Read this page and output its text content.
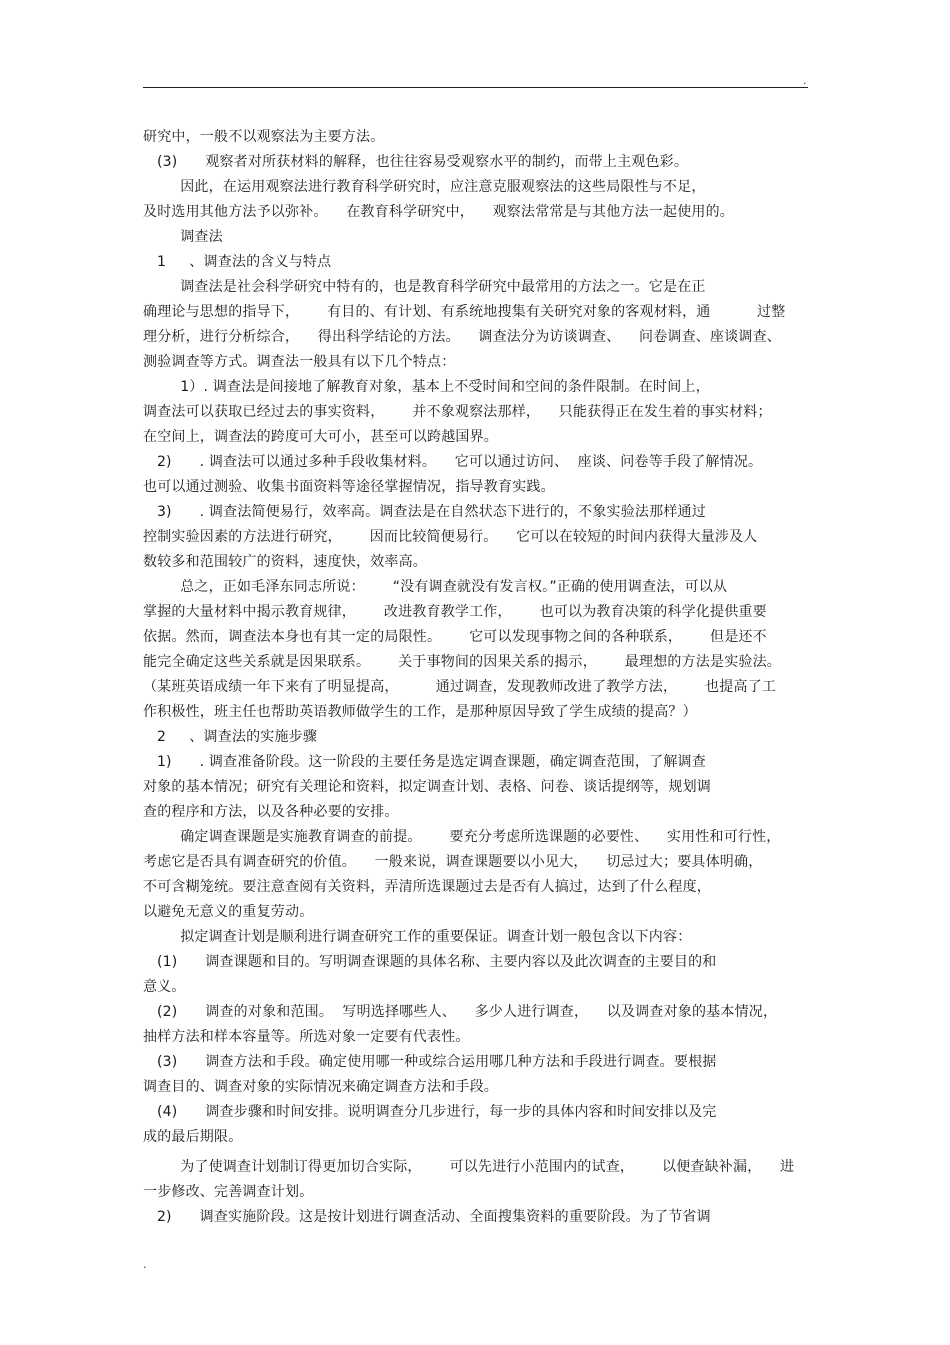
.
研究中，一般不以观察法为主要方法。
(3)      观察者对所获材料的解释，也往往容易受观察水平的制约，而带上主观色彩。
因此，在运用观察法进行教育科学研究时，应注意克服观察法的这些局限性与不足，
及时选用其他方法予以弥补。    在教育科学研究中，    观察法常常是与其他方法一起使用的。
调查法
1     、调查法的含义与特点
调查法是社会科学研究中特有的，也是教育科学研究中最常用的方法之一。它是在正
确理论与思想的指导下，      有目的、有计划、有系统地搜集有关研究对象的客观材料，通          过整
理分析，进行分析综合，    得出科学结论的方法。    调查法分为访谈调查、    问卷调查、座谈调查、
测验调查等方式。调查法一般具有以下几个特点：
1）. 调查法是间接地了解教育对象，基本上不受时间和空间的条件限制。在时间上，
调查法可以获取已经过去的事实资料，      并不象观察法那样，    只能获得正在发生着的事实材料；
在空间上，调查法的跨度可大可小，甚至可以跨越国界。
2)      . 调查法可以通过多种手段收集材料。    它可以通过访问、  座谈、问卷等手段了解情况。
也可以通过测验、收集书面资料等途径掌握情况，指导教育实践。
3)      . 调查法简便易行，效率高。调查法是在自然状态下进行的，不象实验法那样通过
控制实验因素的方法进行研究，      因而比较简便易行。    它可以在较短的时间内获得大量涉及人
数较多和范围较广的资料，速度快，效率高。
总之，正如毛泽东同志所说：      “没有调查就没有发言权。”正确的使用调查法，可以从
掌握的大量材料中揭示教育规律，      改进教育教学工作，      也可以为教育决策的科学化提供重要
依据。然而，调查法本身也有其一定的局限性。      它可以发现事物之间的各种联系，      但是还不
能完全确定这些关系就是因果联系。      关于事物间的因果关系的揭示，      最理想的方法是实验法。
（某班英语成绩一年下来有了明显提高，        通过调查，发现教师改进了教学方法，      也提高了工
作积极性，班主任也帮助英语教师做学生的工作，是那种原因导致了学生成绩的提高？）
2     、调查法的实施步骤
1)      . 调查准备阶段。这一阶段的主要任务是选定调查课题，确定调查范围，了解调查
对象的基本情况；研究有关理论和资料，拟定调查计划、表格、问卷、谈话提纲等，规划调
查的程序和方法，以及各种必要的安排。
确定调查课题是实施教育调查的前提。      要充分考虑所选课题的必要性、    实用性和可行性，
考虑它是否具有调查研究的价值。    一般来说，调查课题要以小见大，    切忌过大；要具体明确，
不可含糊笼统。要注意查阅有关资料，弄清所选课题过去是否有人搞过，达到了什么程度，
以避免无意义的重复劳动。
拟定调查计划是顺利进行调查研究工作的重要保证。调查计划一般包含以下内容：
(1)      调查课题和目的。写明调查课题的具体名称、主要内容以及此次调查的主要目的和
意义。
(2)      调查的对象和范围。  写明选择哪些人、    多少人进行调查，    以及调查对象的基本情况，
抽样方法和样本容量等。所选对象一定要有代表性。
(3)      调查方法和手段。确定使用哪一种或综合运用哪几种方法和手段进行调查。要根据
调查目的、调查对象的实际情况来确定调查方法和手段。
(4)      调查步骤和时间安排。说明调查分几步进行，每一步的具体内容和时间安排以及完
成的最后期限。
为了使调查计划制订得更加切合实际，      可以先进行小范围内的试查，      以便查缺补漏，    进
一步修改、完善调查计划。
2)      调查实施阶段。这是按计划进行调查活动、全面搜集资料的重要阶段。为了节省调
.
